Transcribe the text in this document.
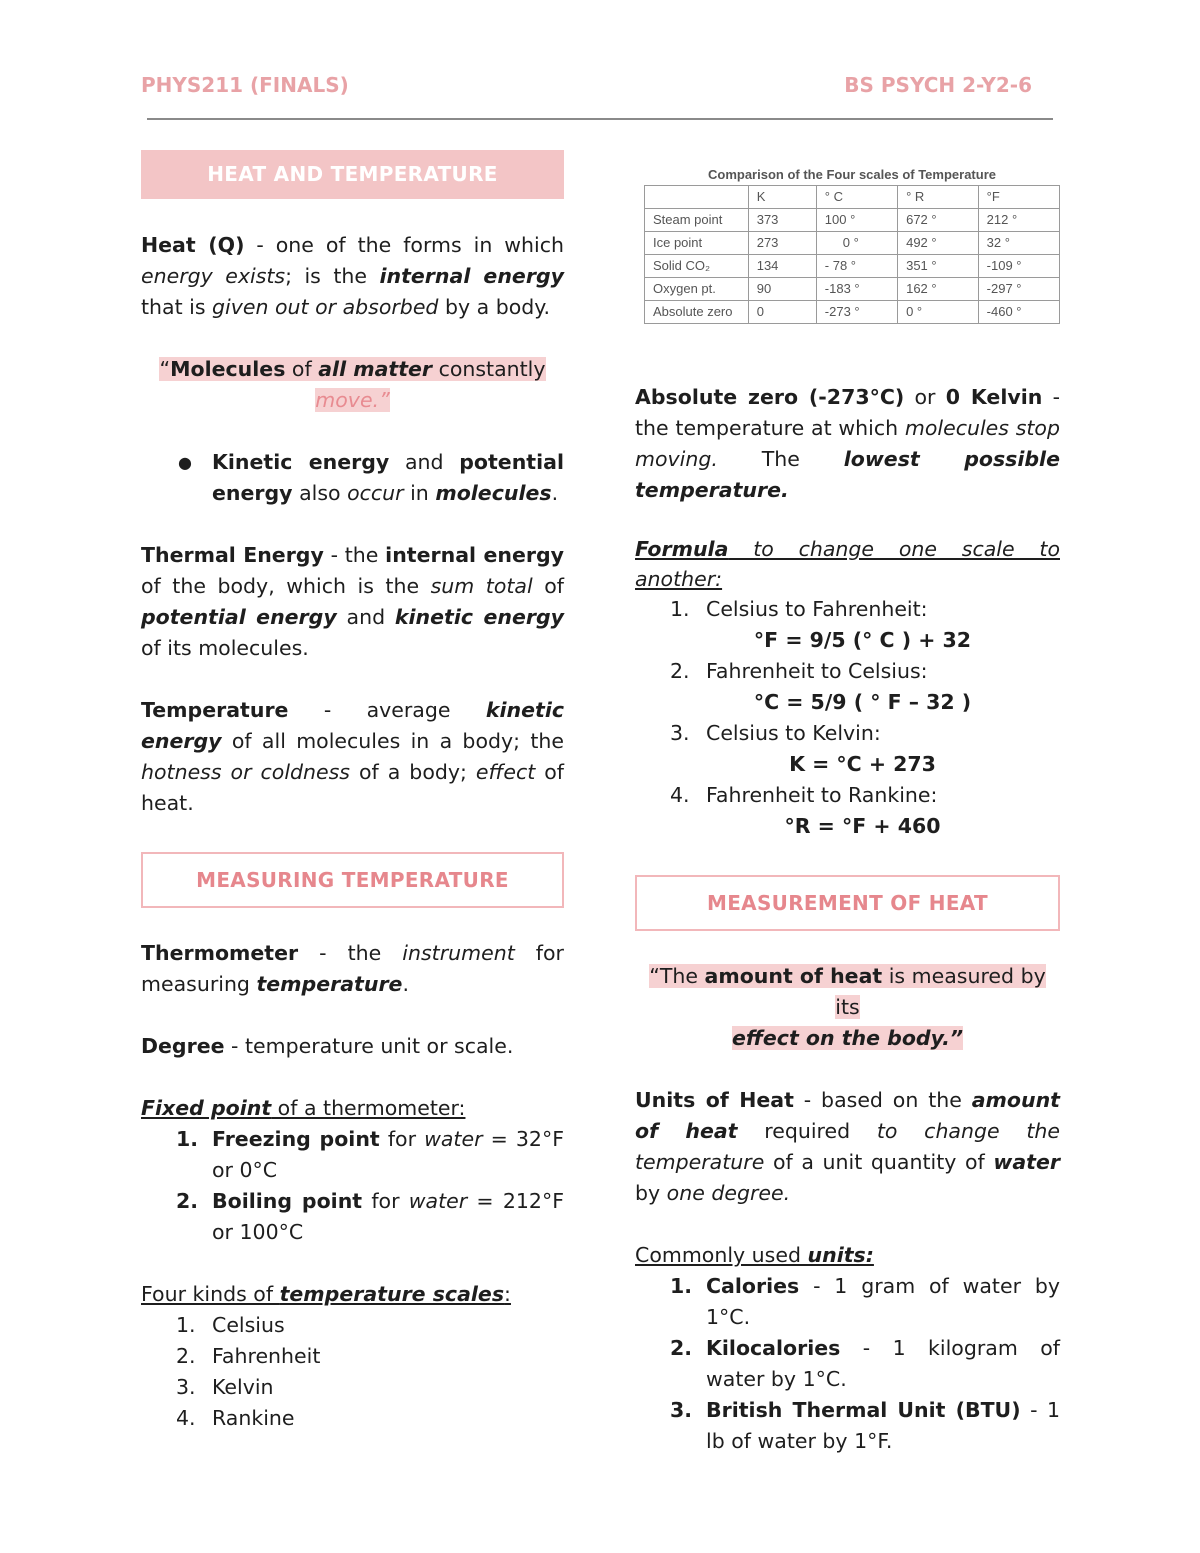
PHYS211 (FINALS)	BS PSYCH 2-Y2-6
HEAT AND TEMPERATURE

Heat (Q) - one of the forms in which energy exists; is the internal energy that is given out or absorbed by a body.

“Molecules of all matter constantly
move.”

● Kinetic energy and potential energy also occur in molecules.

Thermal Energy - the internal energy of the body, which is the sum total of potential energy and kinetic energy of its molecules.

Temperature - average kinetic energy of all molecules in a body; the hotness or coldness of a body; effect of heat.

MEASURING TEMPERATURE

Thermometer - the instrument for measuring temperature.

Degree - temperature unit or scale.

Fixed point of a thermometer:

1. Freezing point for water = 32°F or 0°C
2. Boiling point for water = 212°F or 100°C

Four kinds of temperature scales:

1. Celsius
2. Fahrenheit
3. Kelvin
4. Rankine
Comparison of the Four scales of Temperature
	K	° C	° R	°F
Steam point	373	100 °	672 °	212 °
Ice point	273	0 °	492 °	32 °
Solid CO₂	134	- 78 °	351 °	-109 °
Oxygen pt.	90	-183 °	162 °	-297 °
Absolute zero	0	-273 °	0 °	-460 °

Absolute zero (-273°C) or 0 Kelvin - the temperature at which molecules stop moving. The lowest possible temperature.

Formula to change one scale to another:

1. Celsius to Fahrenheit:
°F = 9/5 (° C ) + 32
2. Fahrenheit to Celsius:
°C = 5/9 ( ° F – 32 )
3. Celsius to Kelvin:
K = °C + 273
4. Fahrenheit to Rankine:
°R = °F + 460
MEASUREMENT OF HEAT

“The amount of heat is measured by its
effect on the body.”

Units of Heat - based on the amount of heat required to change the temperature of a unit quantity of water by one degree.

Commonly used units:

1. Calories - 1 gram of water by 1°C.
2. Kilocalories - 1 kilogram of water by 1°C.
3. British Thermal Unit (BTU) - 1 lb of water by 1°F.
